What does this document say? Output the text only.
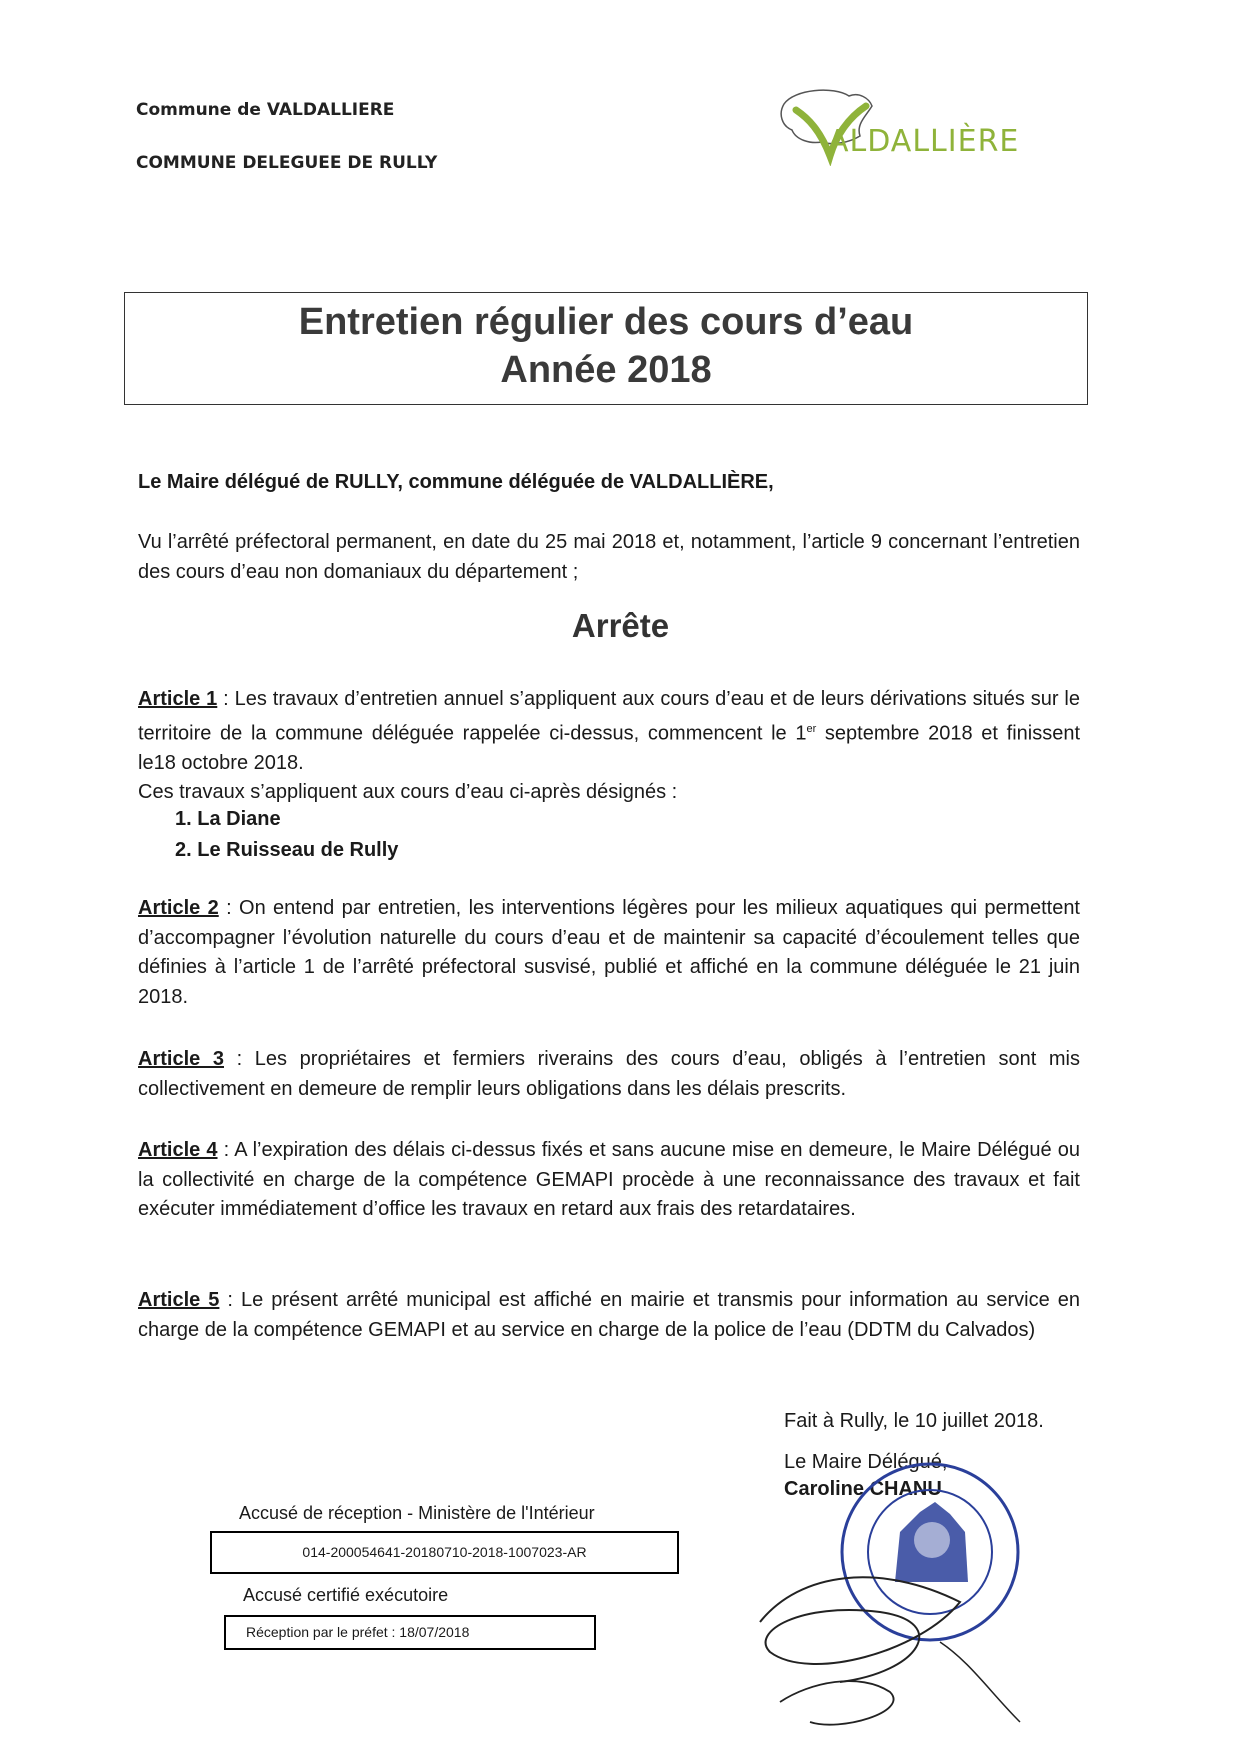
Commune de VALDALLIERE
COMMUNE DELEGUEE DE RULLY
ALDALLIÈRE
Entretien régulier des cours d’eau
Année 2018
Le Maire délégué de RULLY, commune déléguée de VALDALLIÈRE,
Vu l’arrêté préfectoral permanent, en date du 25 mai 2018 et, notamment, l’article 9 concernant l’entretien des cours d’eau non domaniaux du département ;
Arrête
Article 1 : Les travaux d’entretien annuel s’appliquent aux cours d’eau et de leurs dérivations situés sur le territoire de la commune déléguée rappelée ci-dessus, commencent le 1er septembre 2018 et finissent le18 octobre 2018.
Ces travaux s’appliquent aux cours d’eau ci-après désignés :
1. La Diane
2. Le Ruisseau de Rully
Article 2 : On entend par entretien, les interventions légères pour les milieux aquatiques qui permettent d’accompagner l’évolution naturelle du cours d’eau et de maintenir sa capacité d’écoulement telles que définies à l’article 1 de l’arrêté préfectoral susvisé, publié et affiché en la commune déléguée le 21 juin 2018.
Article 3 : Les propriétaires et fermiers riverains des cours d’eau, obligés à l’entretien sont mis collectivement en demeure de remplir leurs obligations dans les délais prescrits.
Article 4 : A l’expiration des délais ci-dessus fixés et sans aucune mise en demeure, le Maire Délégué ou la collectivité en charge de la compétence GEMAPI procède à une reconnaissance des travaux et fait exécuter immédiatement d’office les travaux en retard aux frais des retardataires.
Article 5 : Le présent arrêté municipal est affiché en mairie et transmis pour information au service en charge de la compétence GEMAPI et au service en charge de la police de l’eau (DDTM du Calvados)
Fait à Rully, le 10 juillet 2018.
Le Maire Délégué,
Caroline CHANU
Accusé de réception - Ministère de l'Intérieur
014-200054641-20180710-2018-1007023-AR
Accusé certifié exécutoire
Réception par le préfet : 18/07/2018
